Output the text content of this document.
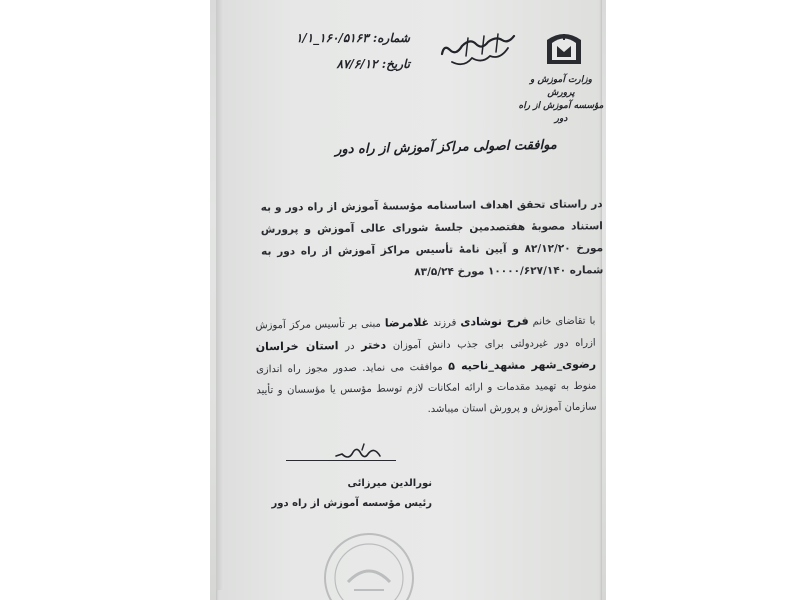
شماره: ۱۶۰/۵۱۶۳_۱/۱
تاریخ: ۸۷/۶/۱۲
وزارت آموزش و پرورش
مؤسسه آموزش از راه دور
موافقت اصولی مراکز آموزش از راه دور
در راستای تحقق اهداف اساسنامه مؤسسهٔ آموزش از راه دور و به استناد مصوبهٔ هفتصدمین جلسهٔ شورای عالی آموزش و پرورش مورخ ۸۲/۱۲/۲۰ و آیین نامهٔ تأسیس مراکز آموزش از راه دور به شماره ۱۰۰۰۰/۶۲۷/۱۴۰ مورخ ۸۳/۵/۲۴
با تقاضای خانم فرح نوشادی فرزند غلامرضا مبنی بر تأسیس مرکز آموزش ازراه دور غیردولتی برای جذب دانش آموزان دختر در استان خراسان رضوی_شهر مشهد_ناحیه ۵ موافقت می نماید. صدور مجوز راه اندازی منوط به تهمید مقدمات و ارائه امکانات لازم توسط مؤسس یا مؤسسان و تأیید سازمان آموزش و پرورش استان میباشد.
نورالدین میرزائی
رئیس مؤسسه آموزش از راه دور
